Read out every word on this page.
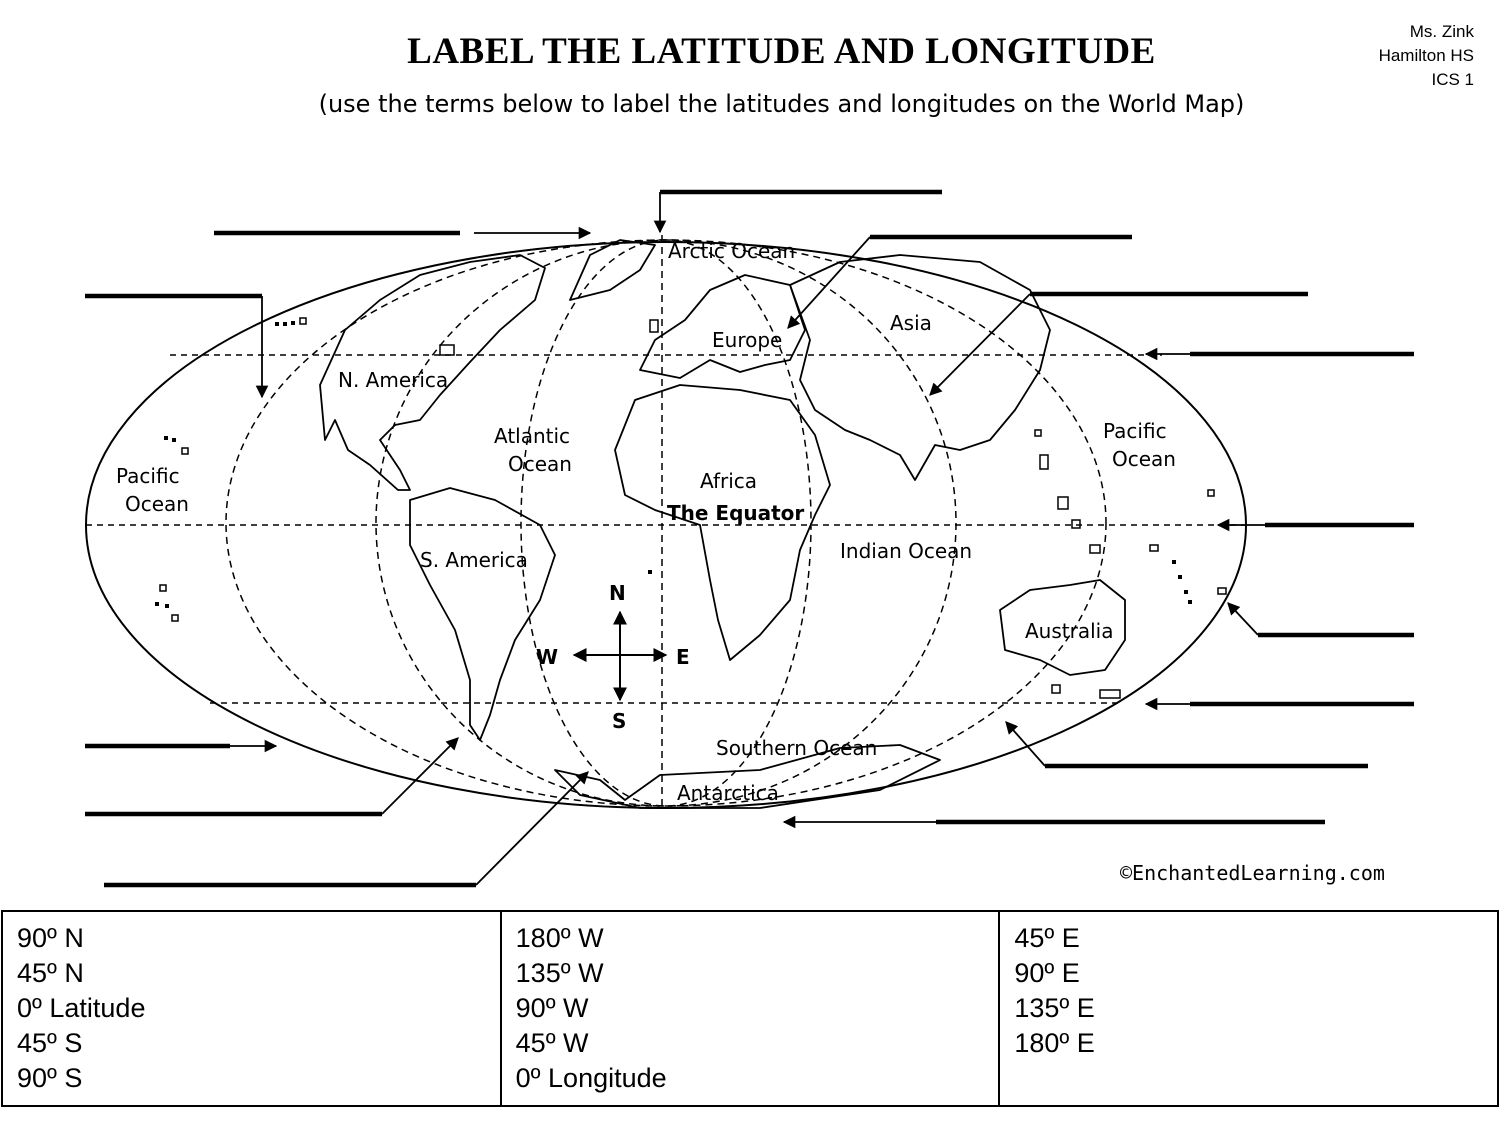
LABEL THE LATITUDE AND LONGITUDE
(use the terms below to label the latitudes and longitudes on the World Map)
Ms. Zink
Hamilton HS
ICS 1
Arctic Ocean
Europe
Asia
N. America
Atlantic
Ocean
Pacific
Ocean
Pacific
Ocean
Africa
The Equator
Indian Ocean
S. America
Australia
Southern Ocean
Antarctica
N
S
W	E
©EnchantedLearning.com
90º N
45º N
0º Latitude
45º S
90º S

180º W
135º W
90º W
45º W
0º Longitude

45º E
90º E
135º E
180º E
